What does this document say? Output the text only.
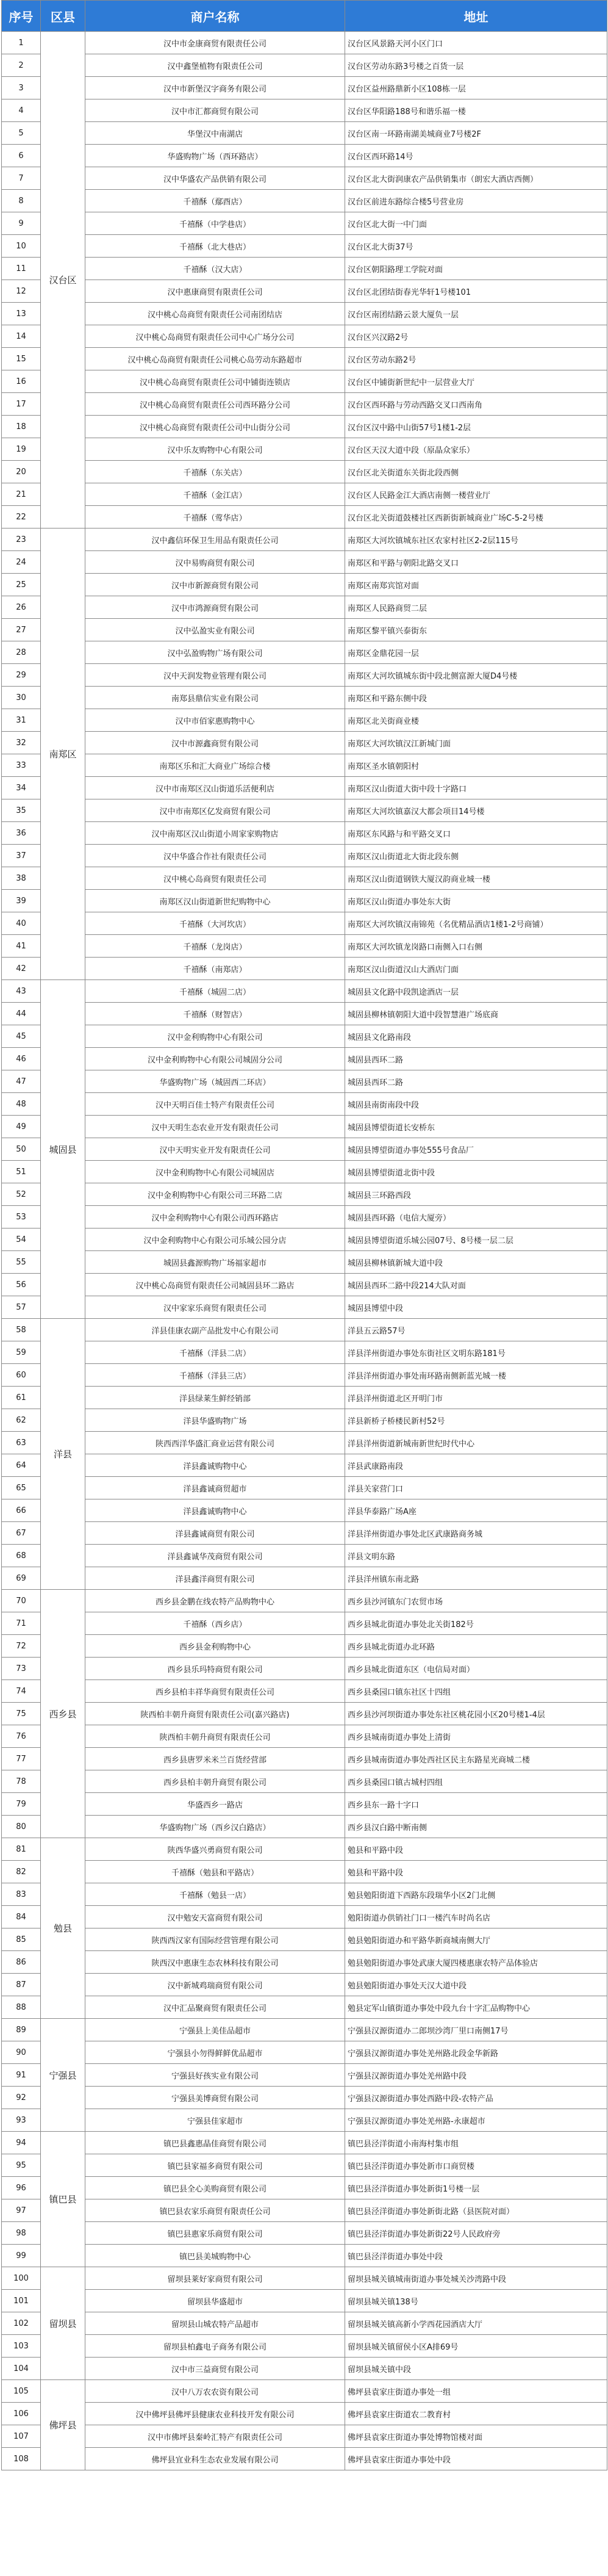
序号	区县	商户名称	地址
1	汉台区	汉中市金康商贸有限责任公司	汉台区风景路天河小区门口
2		汉中鑫堡植物有限责任公司	汉台区劳动东路3号楼之百货一层
3		汉中市新堡汉字商务有限公司	汉台区益州路鼎新小区108栋一层
4		汉中市汇都商贸有限公司	汉台区华阳路188号和谐乐福一楼
5		华堡汉中南湖店	汉台区南一环路南湖美城商业7号楼2F
6		华盛购物广场（西环路店）	汉台区西环路14号
7		汉中华盛农产品供销有限公司	汉台区北大街润康农产品供销集市（朗宏大酒店西侧）
8		千禧酥（鄢酉店）	汉台区前进东路综合楼5号营业房
9		千禧酥（中学巷店）	汉台区北大街一中门面
10		千禧酥（北大巷店）	汉台区北大街37号
11		千禧酥（汉大店）	汉台区朝阳路理工学院对面
12		汉中惠康商贸有限责任公司	汉台区北团结街春光华轩1号楼101
13		汉中桃心岛商贸有限责任公司南团结店	汉台区南团结路云景大厦负一层
14		汉中桃心岛商贸有限责任公司中心广场分公司	汉台区兴汉路2号
15		汉中桃心岛商贸有限责任公司桃心岛劳动东路超市	汉台区劳动东路2号
16		汉中桃心岛商贸有限责任公司中铺街连锁店	汉台区中铺街新世纪中一层营业大厅
17		汉中桃心岛商贸有限责任公司西环路分公司	汉台区西环路与劳动西路交叉口西南角
18		汉中桃心岛商贸有限责任公司中山街分公司	汉台区汉中路中山街57号1楼1-2层
19		汉中乐友购物中心有限公司	汉台区天汉大道中段（原晶众家乐）
20		千禧酥（东关店）	汉台区北关街道东关街北段西侧
21		千禧酥（金江店）	汉台区人民路金江大酒店南侧一楼营业厅
22		千禧酥（莺华店）	汉台区北关街道鼓楼社区西新街新城商业广场C-5-2号楼
23	南郑区	汉中鑫信环保卫生用品有限责任公司	南郑区大河坎镇城东社区农家村社区2-2层115号
24		汉中易购商贸有限公司	南郑区和平路与朝阳北路交叉口
25		汉中市新源商贸有限公司	南郑区南郑宾馆对面
26		汉中市鸿源商贸有限公司	南郑区人民路商贸二层
27		汉中弘盈实业有限公司	南郑区黎平镇兴泰街东
28		汉中弘盈购物广场有限公司	南郑区金鼎花园一层
29		汉中天润发物业管理有限公司	南郑区大河坎镇城东街中段北侧富源大厦D4号楼
30		南郑县鼎信实业有限公司	南郑区和平路东侧中段
31		汉中市佰家惠购物中心	南郑区北关街商业楼
32		汉中市源鑫商贸有限公司	南郑区大河坎镇汉江新城门面
33		南郑区乐和汇大商业广场综合楼	南郑区圣水镇朝阳村
34		汉中市南郑区汉山街道乐活便利店	南郑区汉山街道大街中段十字路口
35		汉中市南郑区亿发商贸有限公司	南郑区大河坎镇嘉汉大都会项目14号楼
36		汉中南郑区汉山街道小周家家购物店	南郑区东风路与和平路交叉口
37		汉中华盛合作社有限责任公司	南郑区汉山街道北大街北段东侧
38		汉中桃心岛商贸有限责任公司	南郑区汉山街道钢铁大厦汉韵商业城一楼
39		南郑区汉山街道新世纪购物中心	南郑区汉山街道办事处东大街
40		千禧酥（大河坎店）	南郑区大河坎镇汉南锦苑（名优精品酒店1楼1-2号商铺）
41		千禧酥（龙岗店）	南郑区大河坎镇龙岗路口南侧入口右侧
42		千禧酥（南郑店）	南郑区汉山街道汉山大酒店门面
43	城固县	千禧酥（城固二店）	城固县文化路中段凯途酒店一层
44		千禧酥（财智店）	城固县柳林镇朝阳大道中段智慧港广场底商
45		汉中金利购物中心有限公司	城固县文化路南段
46		汉中金利购物中心有限公司城固分公司	城固县西环二路
47		华盛购物广场（城固西二环店）	城固县西环二路
48		汉中天明百佳士特产有限责任公司	城固县南街南段中段
49		汉中天明生态农业开发有限责任公司	城固县博望街道长安桥东
50		汉中天明实业开发有限责任公司	城固县博望街道办事处555号食品厂
51		汉中金利购物中心有限公司城固店	城固县博望街道北街中段
52		汉中金利购物中心有限公司三环路二店	城固县三环路西段
53		汉中金利购物中心有限公司西环路店	城固县西环路（电信大厦旁）
54		汉中金利购物中心有限公司乐城公园分店	城固县博望街道乐城公园07号、8号楼一层二层
55		城固县鑫源购物广场福家超市	城固县柳林镇新城大道中段
56		汉中桃心岛商贸有限责任公司城固县环二路店	城固县西环二路中段214大队对面
57		汉中家家乐商贸有限责任公司	城固县博望中段
58	洋县	洋县佳康农副产品批发中心有限公司	洋县五云路57号
59		千禧酥（洋县二店）	洋县洋州街道办事处东街社区文明东路181号
60		千禧酥（洋县三店）	洋县洋州街道办事处南环路南侧新蓝光城一楼
61		洋县绿莱生鲜经销部	洋县洋州街道北区开明门市
62		洋县华盛购物广场	洋县新桥子桥楼民新村52号
63		陕西西洋华盛汇商业运营有限公司	洋县洋州街道新城南新世纪时代中心
64		洋县鑫诚购物中心	洋县武康路南段
65		洋县鑫诚商贸超市	洋县关家营门口
66		洋县鑫诚购物中心	洋县华泰路广场A座
67		洋县鑫诚商贸有限公司	洋县洋州街道办事处北区武康路商务城
68		洋县鑫诚华茂商贸有限公司	洋县文明东路
69		洋县鑫洋商贸有限公司	洋县洋州镇东南北路
70	西乡县	西乡县金鹏在线农特产品购物中心	西乡县沙河镇东门农贸市场
71		千禧酥（西乡店）	西乡县城北街道办事处北关街182号
72		西乡县金利购物中心	西乡县城北街道办北环路
73		西乡县乐玛特商贸有限公司	西乡县城北街道东区（电信局对面）
74		西乡县柏丰祥华商贸有限责任公司	西乡县桑园口镇东社区十四组
75		陕西柏丰朝升商贸有限责任公司(嘉兴路店)	西乡县沙河坝街道办事处东社区桃花园小区20号楼1-4层
76		陕西柏丰朝升商贸有限责任公司	西乡县城南街道办事处上清街
77		西乡县唐罗米米兰百货经营部	西乡县城南街道办事处西社区民主东路星光商城二楼
78		西乡县柏丰朝升商贸有限公司	西乡县桑园口镇古城村四组
79		华盛西乡一路店	西乡县东一路十字口
80		华盛购物广场（西乡汉白路店）	西乡县汉白路中断南侧
81	勉县	陕西华盛兴勇商贸有限公司	勉县和平路中段
82		千禧酥（勉县和平路店）	勉县和平路中段
83		千禧酥（勉县一店）	勉县勉阳街道下西路东段瑞华小区2门北侧
84		汉中勉安天富商贸有限公司	勉阳街道办供销社门口一楼汽车时尚名店
85		陕西西汉家有国际经营管理有限公司	勉县勉阳街道办和平路华新商城南侧大厅
86		陕西汉中惠康生态农林科技有限公司	勉县勉阳街道办事处武康大厦四楼惠康农特产品体验店
87		汉中新城鸡瑞商贸有限公司	勉县勉阳街道办事处天汉大道中段
88		汉中汇品聚商贸有限责任公司	勉县定军山镇街道办事处中段九台十字汇品购物中心
89	宁强县	宁强县上美佳品超市	宁强县汉源街道办二郎坝沙湾厂里口南侧17号
90		宁强县小勿得鲜鲜优品超市	宁强县汉源街道办事处羌州路北段金华新路
91		宁强县好孩实业有限公司	宁强县汉源街道办事处羌州路中段
92		宁强县美博商贸有限公司	宁强县汉源街道办事处西路中段-农特产品
93		宁强县佳家超市	宁强县汉源街道办事处羌州路-永康超市
94	镇巴县	镇巴县鑫惠晶佳商贸有限公司	镇巴县泾洋街道小南海村集市组
95		镇巴县家福多商贸有限公司	镇巴县泾洋街道办事处新市口商贸楼
96		镇巴县全心美购商贸有限公司	镇巴县泾洋街道办事处新街1号楼一层
97		镇巴县农家乐商贸有限责任公司	镇巴县泾洋街道办事处新街北路（县医院对面）
98		镇巴县惠家乐商贸有限公司	镇巴县泾洋街道办事处新街22号人民政府旁
99		镇巴县美城购物中心	镇巴县泾洋街道办事处中段
100	留坝县	留坝县莱好家商贸有限公司	留坝县城关镇城南街道办事处城关沙湾路中段
101		留坝县华盛超市	留坝县城关镇138号
102		留坝县山城农特产品超市	留坝县城关镇高新小学西花园酒店大厅
103		留坝县柏鑫电子商务有限公司	留坝县城关镇留侯小区A排69号
104		汉中市三益商贸有限公司	留坝县城关镇中段
105	佛坪县	汉中八万农农资有限公司	佛坪县袁家庄街道办事处一组
106		汉中佛坪县佛坪县健康农业科技开发有限公司	佛坪县袁家庄街道农二教育村
107		汉中市佛坪县秦岭汇特产有限责任公司	佛坪县袁家庄街道办事处博物馆楼对面
108		佛坪县宜业科生态农业发展有限公司	佛坪县袁家庄街道办事处中段
